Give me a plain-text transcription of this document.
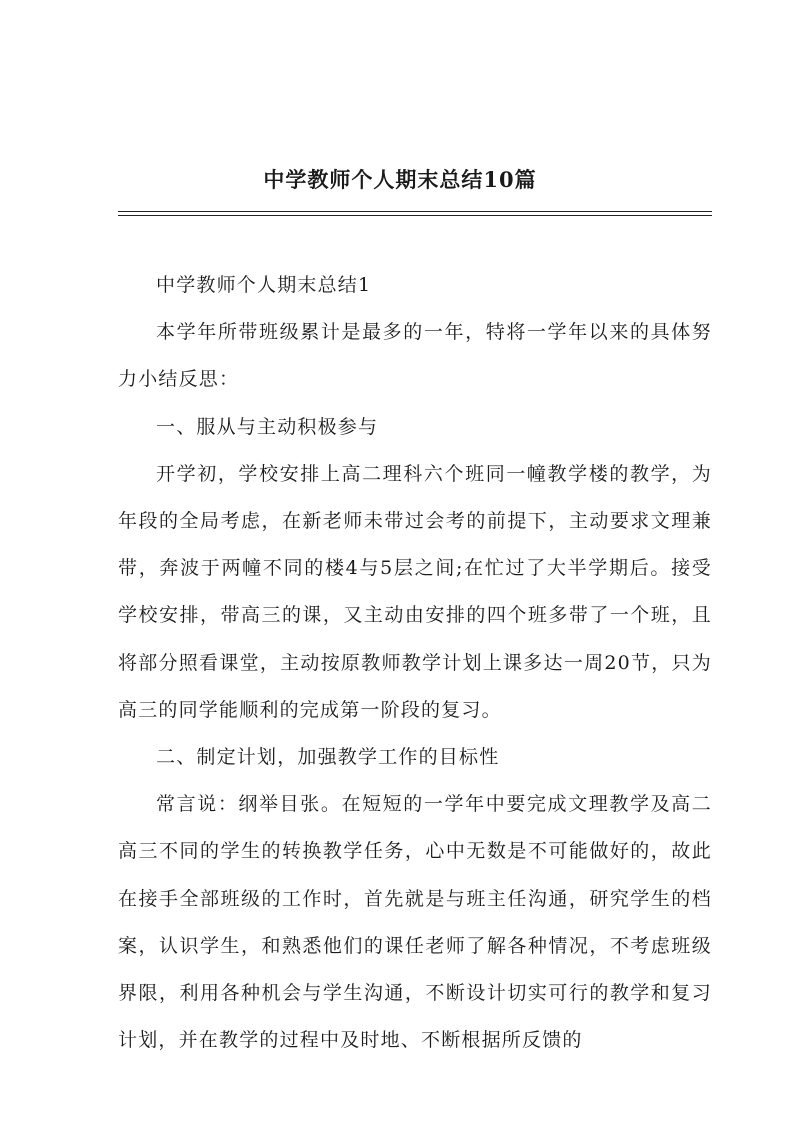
中学教师个人期末总结10篇

中学教师个人期末总结1

本学年所带班级累计是最多的一年，特将一学年以来的具体努力小结反思：

一、服从与主动积极参与

开学初，学校安排上高二理科六个班同一幢教学楼的教学，为年段的全局考虑，在新老师未带过会考的前提下，主动要求文理兼带，奔波于两幢不同的楼4与5层之间;在忙过了大半学期后。接受学校安排，带高三的课，又主动由安排的四个班多带了一个班，且将部分照看课堂，主动按原教师教学计划上课多达一周20节，只为高三的同学能顺利的完成第一阶段的复习。

二、制定计划，加强教学工作的目标性

常言说：纲举目张。在短短的一学年中要完成文理教学及高二高三不同的学生的转换教学任务，心中无数是不可能做好的，故此在接手全部班级的工作时，首先就是与班主任沟通，研究学生的档案，认识学生，和熟悉他们的课任老师了解各种情况，不考虑班级界限，利用各种机会与学生沟通，不断设计切实可行的教学和复习计划，并在教学的过程中及时地、不断根据所反馈的
